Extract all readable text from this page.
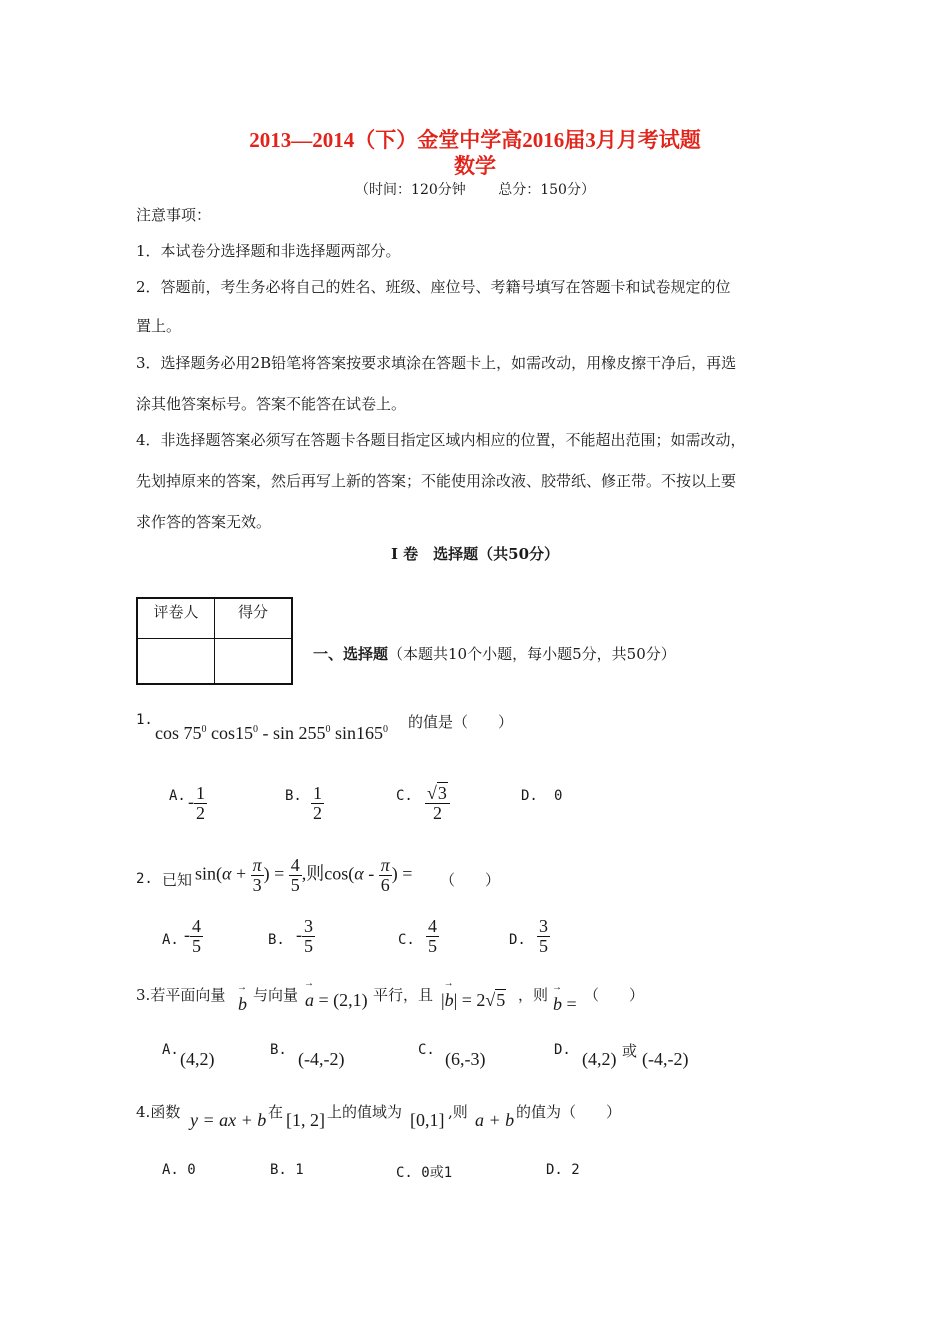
2013—2014（下）金堂中学高2016届3月月考试题
数学
（时间：120分钟 　　总分：150分）
注意事项：
1．本试卷分选择题和非选择题两部分。
2．答题前，考生务必将自己的姓名、班级、座位号、考籍号填写在答题卡和试卷规定的位
置上。
3．选择题务必用2B铅笔将答案按要求填涂在答题卡上，如需改动，用橡皮擦干净后，再选
涂其他答案标号。答案不能答在试卷上。
4．非选择题答案必须写在答题卡各题目指定区域内相应的位置，不能超出范围；如需改动，
先划掉原来的答案，然后再写上新的答案；不能使用涂改液、胶带纸、修正带。不按以上要
求作答的答案无效。
Ⅰ 卷　选择题（共50分）
评卷人	得分

一、选择题（本题共10个小题，每小题5分，共50分）
1.
$\cos 75^0$ $\cos 15^0$ - $\sin 255^0$ $\sin 165^0$ 的值是（　　）
A. - $\frac{1}{2}$	B. $\frac{1}{2}$	C. $\frac{√3}{2}$	D. 0
2. 已知 $\sin(\alpha + \frac{\pi}{3}$ ) = $\frac{4}{5}$ ,则$\cos(\alpha - \frac{\pi}{6}$ ) = （　　）
A. - $\frac{4}{5}$	B. - $\frac{3}{5}$	C. $\frac{4}{5}$	D. $\frac{3}{5}$
3.若平面向量 → b 与向量 → a = (2,1) 平行，且 |→ b| = 2√5 ，则 → b = （　　）
A. (4,2)	B. (-4,-2)	C. (6,-3)	D. (4,2) 或 (-4,-2)
4.函数 y = ax + b 在 [1, 2] 上的值域为 [0,1] ,则 a + b 的值为（　　）
A. 0	B. 1	C. 0或1	D. 2
